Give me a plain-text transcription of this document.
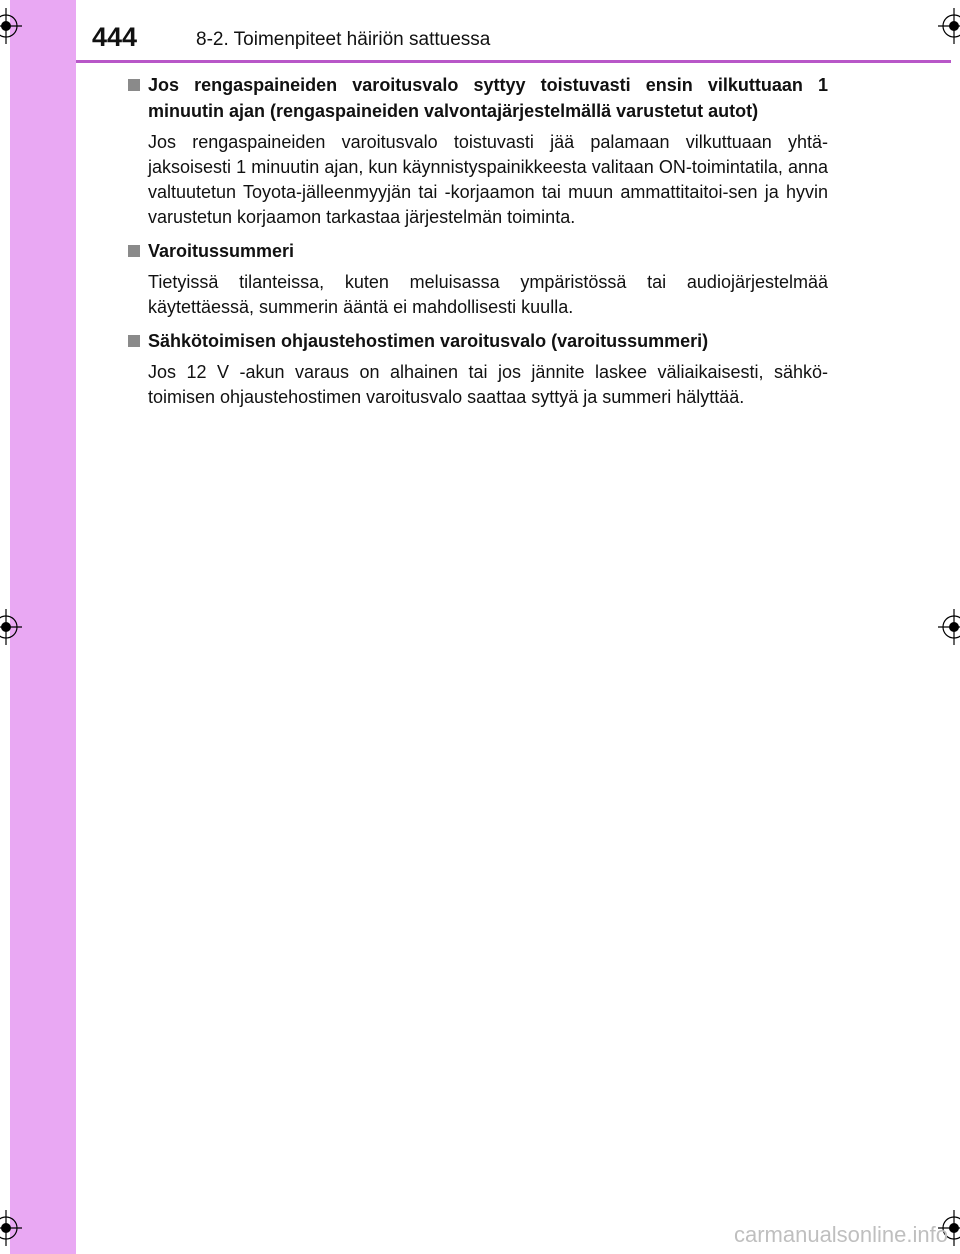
444	8-2. Toimenpiteet häiriön sattuessa
Jos rengaspaineiden varoitusvalo syttyy toistuvasti ensin vilkuttuaan 1 minuutin ajan (rengaspaineiden valvontajärjestelmällä varustetut autot)
Jos rengaspaineiden varoitusvalo toistuvasti jää palamaan vilkuttuaan yhtä-jaksoisesti 1 minuutin ajan, kun käynnistyspainikkeesta valitaan ON-toimintatila, anna valtuutetun Toyota-jälleenmyyjän tai -korjaamon tai muun ammattitaitoi-sen ja hyvin varustetun korjaamon tarkastaa järjestelmän toiminta.
Varoitussummeri
Tietyissä tilanteissa, kuten meluisassa ympäristössä tai audiojärjestelmää käytettäessä, summerin ääntä ei mahdollisesti kuulla.
Sähkötoimisen ohjaustehostimen varoitusvalo (varoitussummeri)
Jos 12 V -akun varaus on alhainen tai jos jännite laskee väliaikaisesti, sähkö-toimisen ohjaustehostimen varoitusvalo saattaa syttyä ja summeri hälyttää.
carmanualsonline.info
